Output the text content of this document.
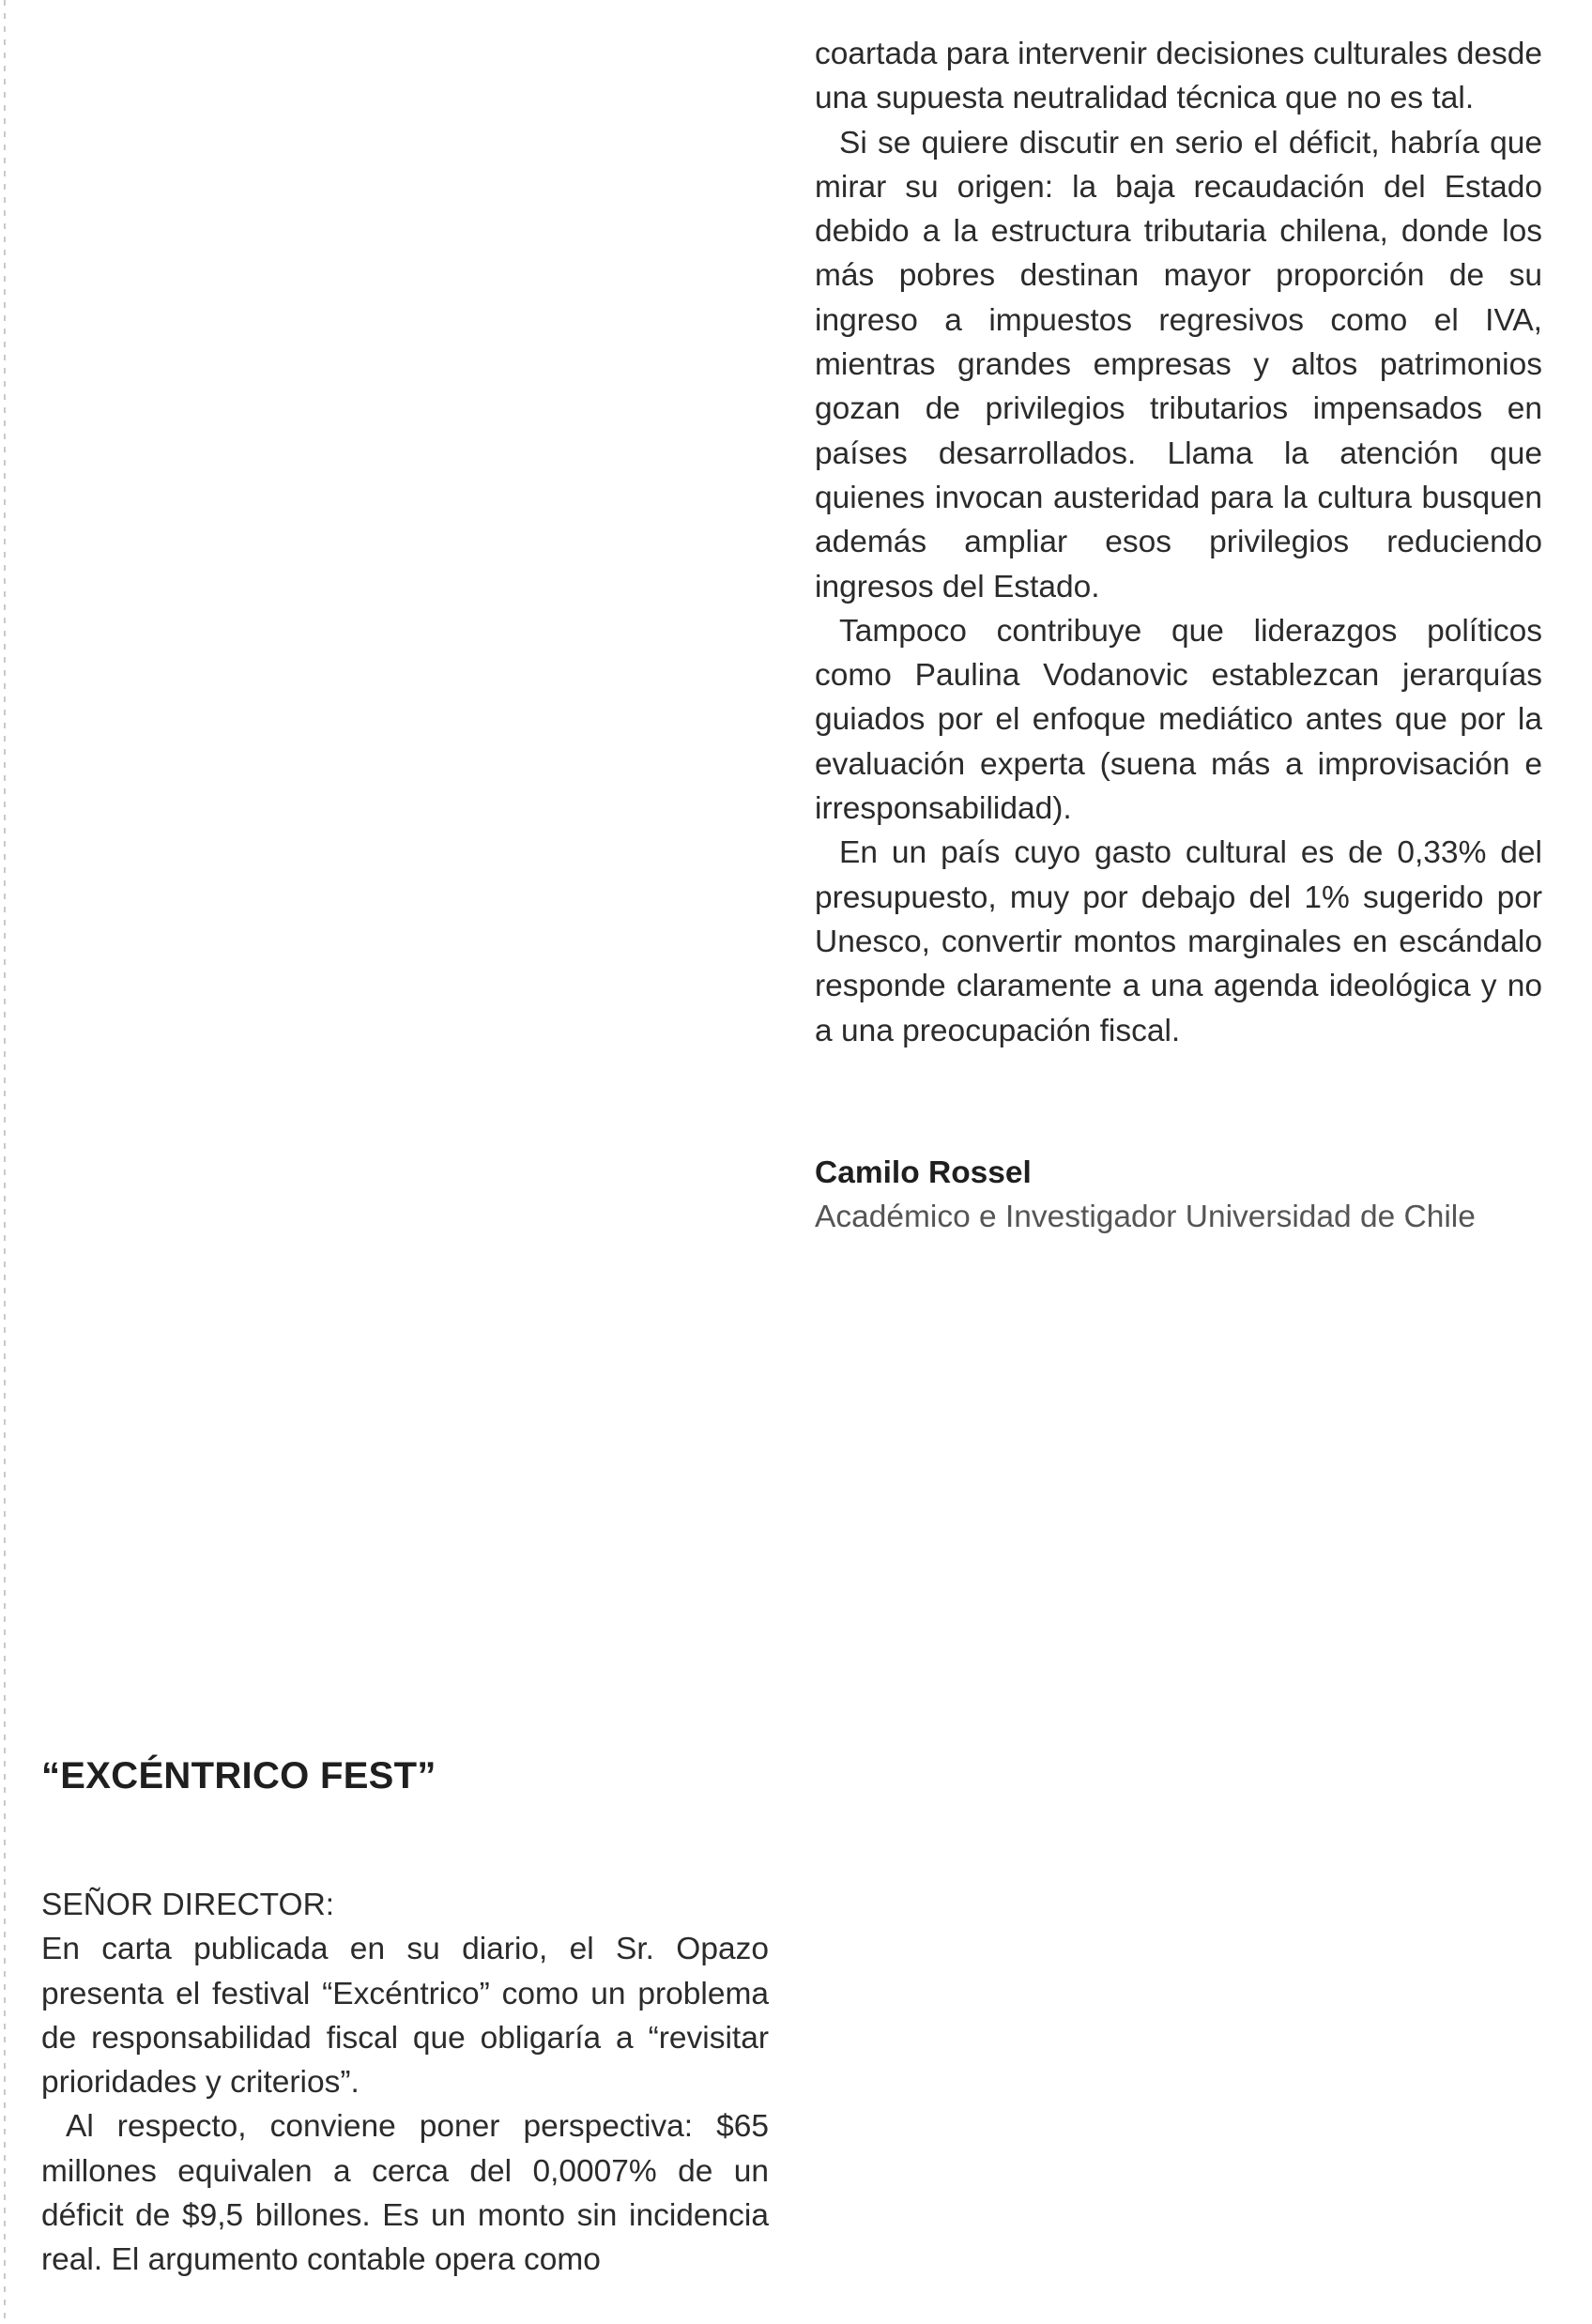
coartada para intervenir decisiones culturales desde una supuesta neutralidad técnica que no es tal.

Si se quiere discutir en serio el déficit, habría que mirar su origen: la baja recaudación del Estado debido a la estructura tributaria chilena, donde los más pobres destinan mayor proporción de su ingreso a impuestos regresivos como el IVA, mientras grandes empresas y altos patrimonios gozan de privilegios tributarios impensados en países desarrollados. Llama la atención que quienes invocan austeridad para la cultura busquen además ampliar esos privilegios reduciendo ingresos del Estado.

Tampoco contribuye que liderazgos políticos como Paulina Vodanovic establezcan jerarquías guiados por el enfoque mediático antes que por la evaluación experta (suena más a improvisación e irresponsabilidad).

En un país cuyo gasto cultural es de 0,33% del presupuesto, muy por debajo del 1% sugerido por Unesco, convertir montos marginales en escándalo responde claramente a una agenda ideológica y no a una preocupación fiscal.

Camilo Rossel
Académico e Investigador Universidad de Chile
“EXCÉNTRICO FEST”

SEÑOR DIRECTOR:

En carta publicada en su diario, el Sr. Opazo presenta el festival “Excéntrico” como un problema de responsabilidad fiscal que obligaría a “revisitar prioridades y criterios”.

Al respecto, conviene poner perspectiva: $65 millones equivalen a cerca del 0,0007% de un déficit de $9,5 billones. Es un monto sin incidencia real. El argumento contable opera como
